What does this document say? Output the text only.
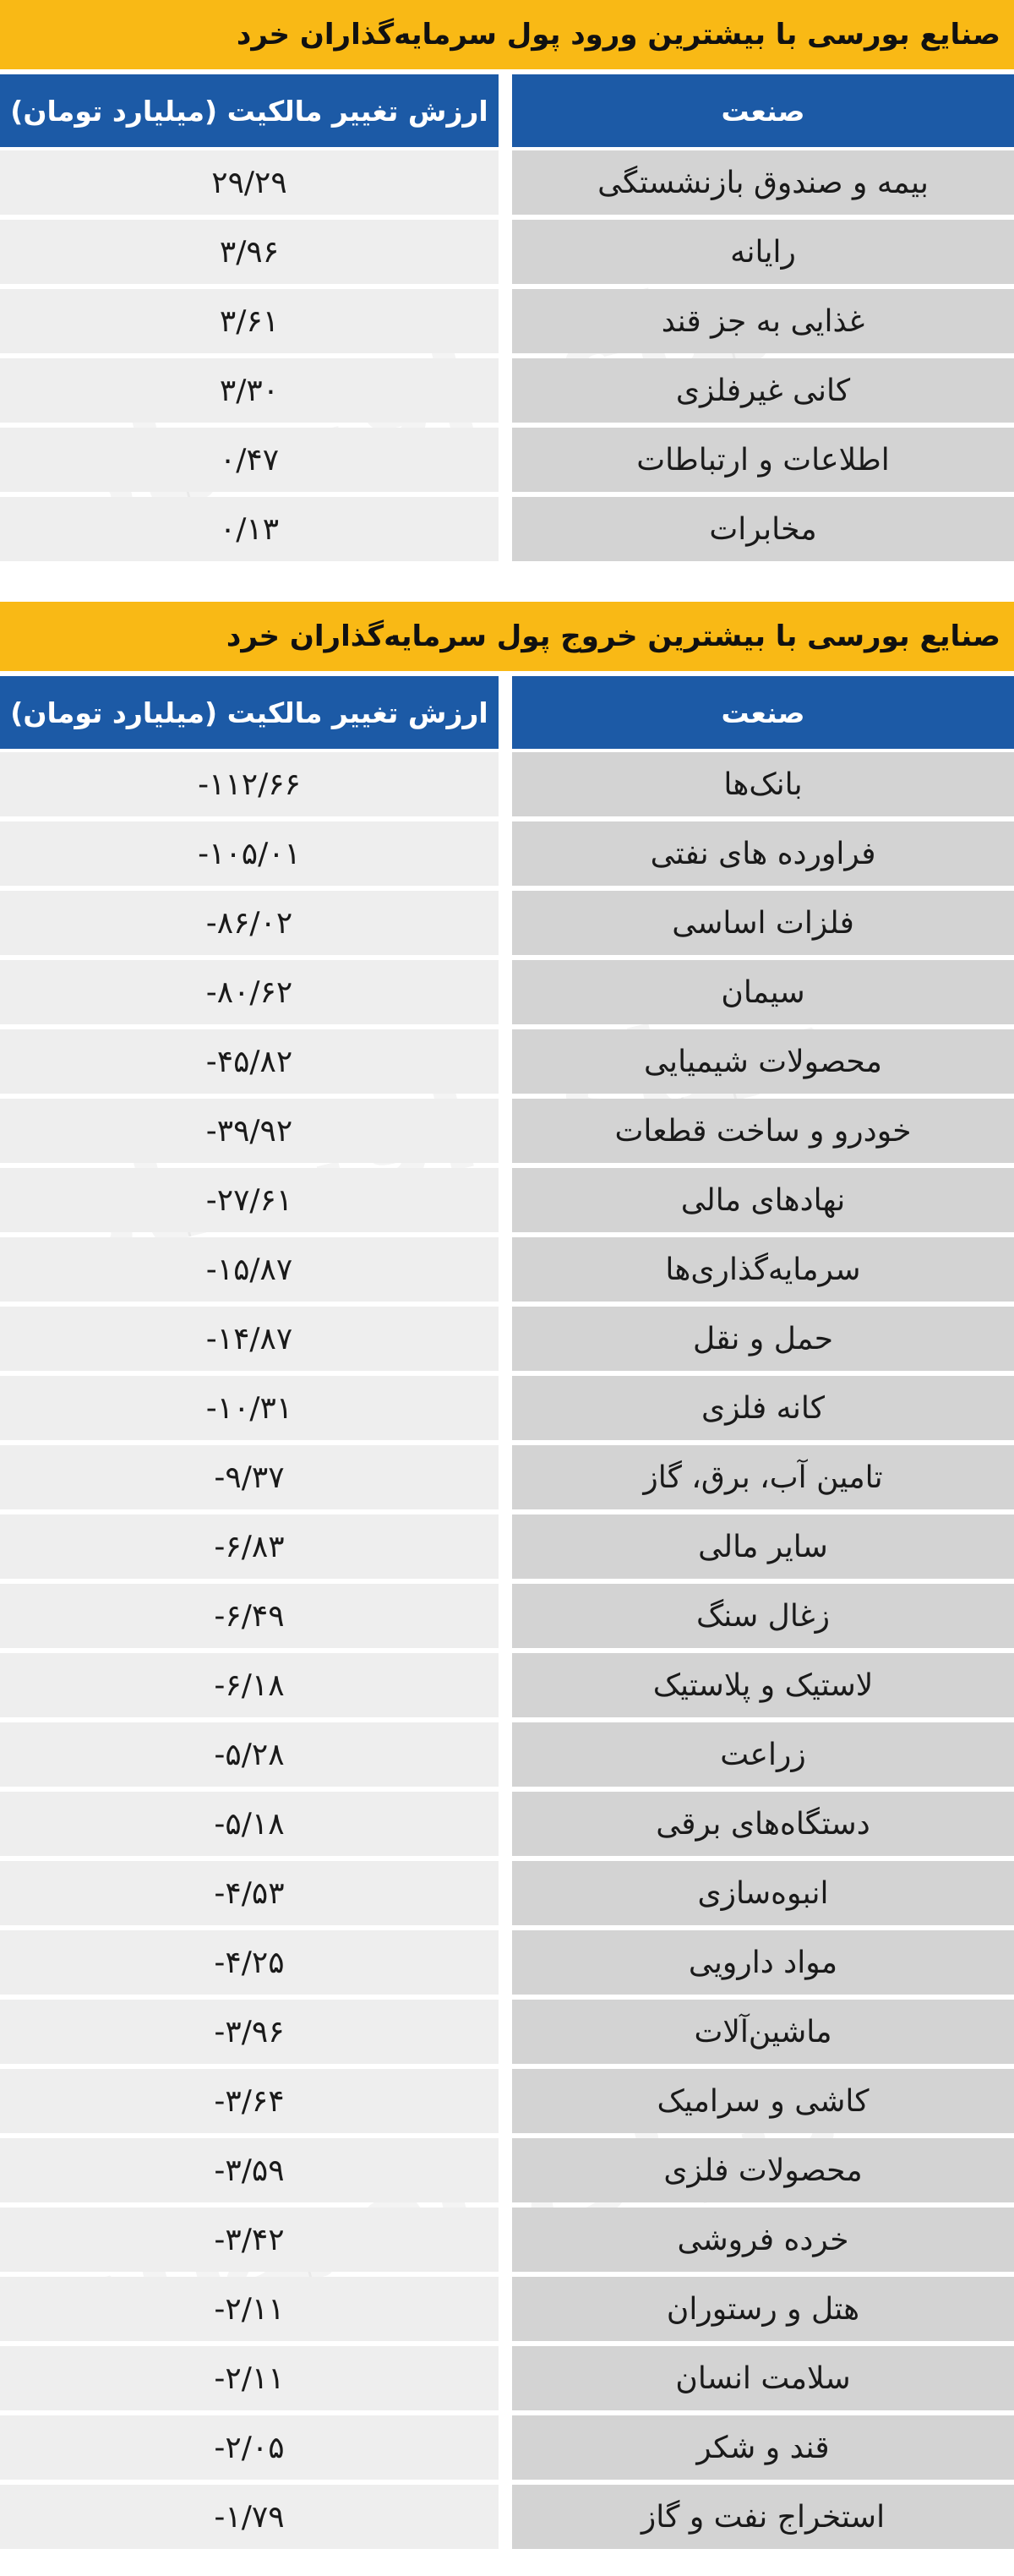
صنایع بورسی با بیشترین ورود پول سرمایه‌گذاران خرد
ارزش تغییر مالکیت (میلیارد تومان)	صنعت
۲۹/۲۹	بیمه و صندوق بازنشستگی
۳/۹۶	رایانه
۳/۶۱	غذایی به جز قند
۳/۳۰	کانی غیرفلزی
۰/۴۷	اطلاعات و ارتباطات
۰/۱۳	مخابرات
صنایع بورسی با بیشترین خروج پول سرمایه‌گذاران خرد
ارزش تغییر مالکیت (میلیارد تومان)	صنعت
-۱۱۲/۶۶	بانک‌ها
-۱۰۵/۰۱	فراورده های نفتی
-۸۶/۰۲	فلزات اساسی
-۸۰/۶۲	سیمان
-۴۵/۸۲	محصولات شیمیایی
-۳۹/۹۲	خودرو و ساخت قطعات
-۲۷/۶۱	نهادهای مالی
-۱۵/۸۷	سرمایه‌گذاری‌ها
-۱۴/۸۷	حمل و نقل
-۱۰/۳۱	کانه فلزی
-۹/۳۷	تامین آب، برق، گاز
-۶/۸۳	سایر مالی
-۶/۴۹	زغال سنگ
-۶/۱۸	لاستیک و پلاستیک
-۵/۲۸	زراعت
-۵/۱۸	دستگاه‌های برقی
-۴/۵۳	انبوه‌سازی
-۴/۲۵	مواد دارویی
-۳/۹۶	ماشین‌آلات
-۳/۶۴	کاشی و سرامیک
-۳/۵۹	محصولات فلزی
-۳/۴۲	خرده فروشی
-۲/۱۱	هتل و رستوران
-۲/۱۱	سلامت انسان
-۲/۰۵	قند و شکر
-۱/۷۹	استخراج نفت و گاز
